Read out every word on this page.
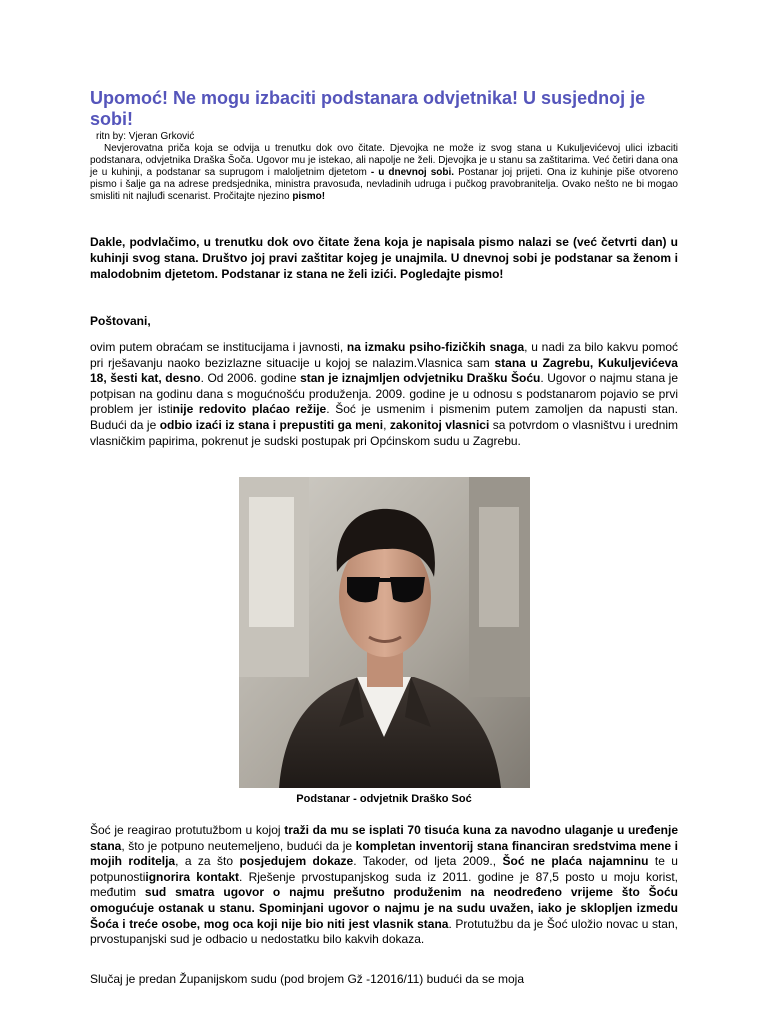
Upomoć! Ne mogu izbaciti podstanara odvjetnika! U susjednoj je sobi!
ritn by: Vjeran Grković

Nevjerovatna priča koja se odvija u trenutku dok ovo čitate. Djevojka ne može iz svog stana u Kukuljevićevoj ulici izbaciti podstanara, odvjetnika Draška Šoča. Ugovor mu je istekao, ali napolje ne želi. Djevojka je u stanu sa zaštitarima. Već četiri dana ona je u kuhinji, a podstanar sa suprugom i maloljetnim djetetom - u dnevnoj sobi. Postanar joj prijeti. Ona iz kuhinje piše otvoreno pismo i šalje ga na adrese predsjednika, ministra pravosuđa, nevladinih udruga i pučkog pravobranitelja. Ovako nešto ne bi mogao smisliti nit najluđi scenarist. Pročitajte njezino pismo!

Dakle, podvlačimo, u trenutku dok ovo čitate žena koja je napisala pismo nalazi se (već četvrti dan) u kuhinji svog stana. Društvo joj pravi zaštitar kojeg je unajmila. U dnevnoj sobi je podstanar sa ženom i malodobnim djetetom. Podstanar iz stana ne želi izići. Pogledajte pismo!

Poštovani,

ovim putem obraćam se institucijama i javnosti, na izmaku psiho-fizičkih snaga, u nadi za bilo kakvu pomoć pri rješavanju naoko bezizlazne situacije u kojoj se nalazim.Vlasnica sam stana u Zagrebu, Kukuljevićeva 18, šesti kat, desno. Od 2006. godine stan je iznajmljen odvjetniku Drašku Šoću. Ugovor o najmu stana je potpisan na godinu dana s mogućnošću produženja. 2009. godine je u odnosu s podstanarom pojavio se prvi problem jer istinije redovito plaćao režije. Šoć je usmenim i pismenim putem zamoljen da napusti stan. Budući da je odbio izaći iz stana i prepustiti ga meni, zakonitoj vlasnici sa potvrdom o vlasništvu i urednim vlasničkim papirima, pokrenut je sudski postupak pri Općinskom sudu u Zagrebu.

Podstanar - odvjetnik Draško Soć

Šoć je reagirao protutužbom u kojoj traži da mu se isplati 70 tisuća kuna za navodno ulaganje u uređenje stana, što je potpuno neutemeljeno, budući da je kompletan inventorij stana financiran sredstvima mene i mojih roditelja, a za što posjedujem dokaze. Takoder, od ljeta 2009., Šoć ne plaća najamninu te u potpunostiignorira kontakt. Rješenje prvostupanjskog suda iz 2011. godine je 87,5 posto u moju korist, međutim sud smatra ugovor o najmu prešutno produženim na neodređeno vrijeme što Šoću omogućuje ostanak u stanu. Spominjani ugovor o najmu je na sudu uvažen, iako je sklopljen izmedu Šoća i treće osobe, mog oca koji nije bio niti jest vlasnik stana. Protutužbu da je Šoć uložio novac u stan, prvostupanjski sud je odbacio u nedostatku bilo kakvih dokaza.

Slučaj je predan Županijskom sudu (pod brojem Gž -12016/11) budući da se moja
